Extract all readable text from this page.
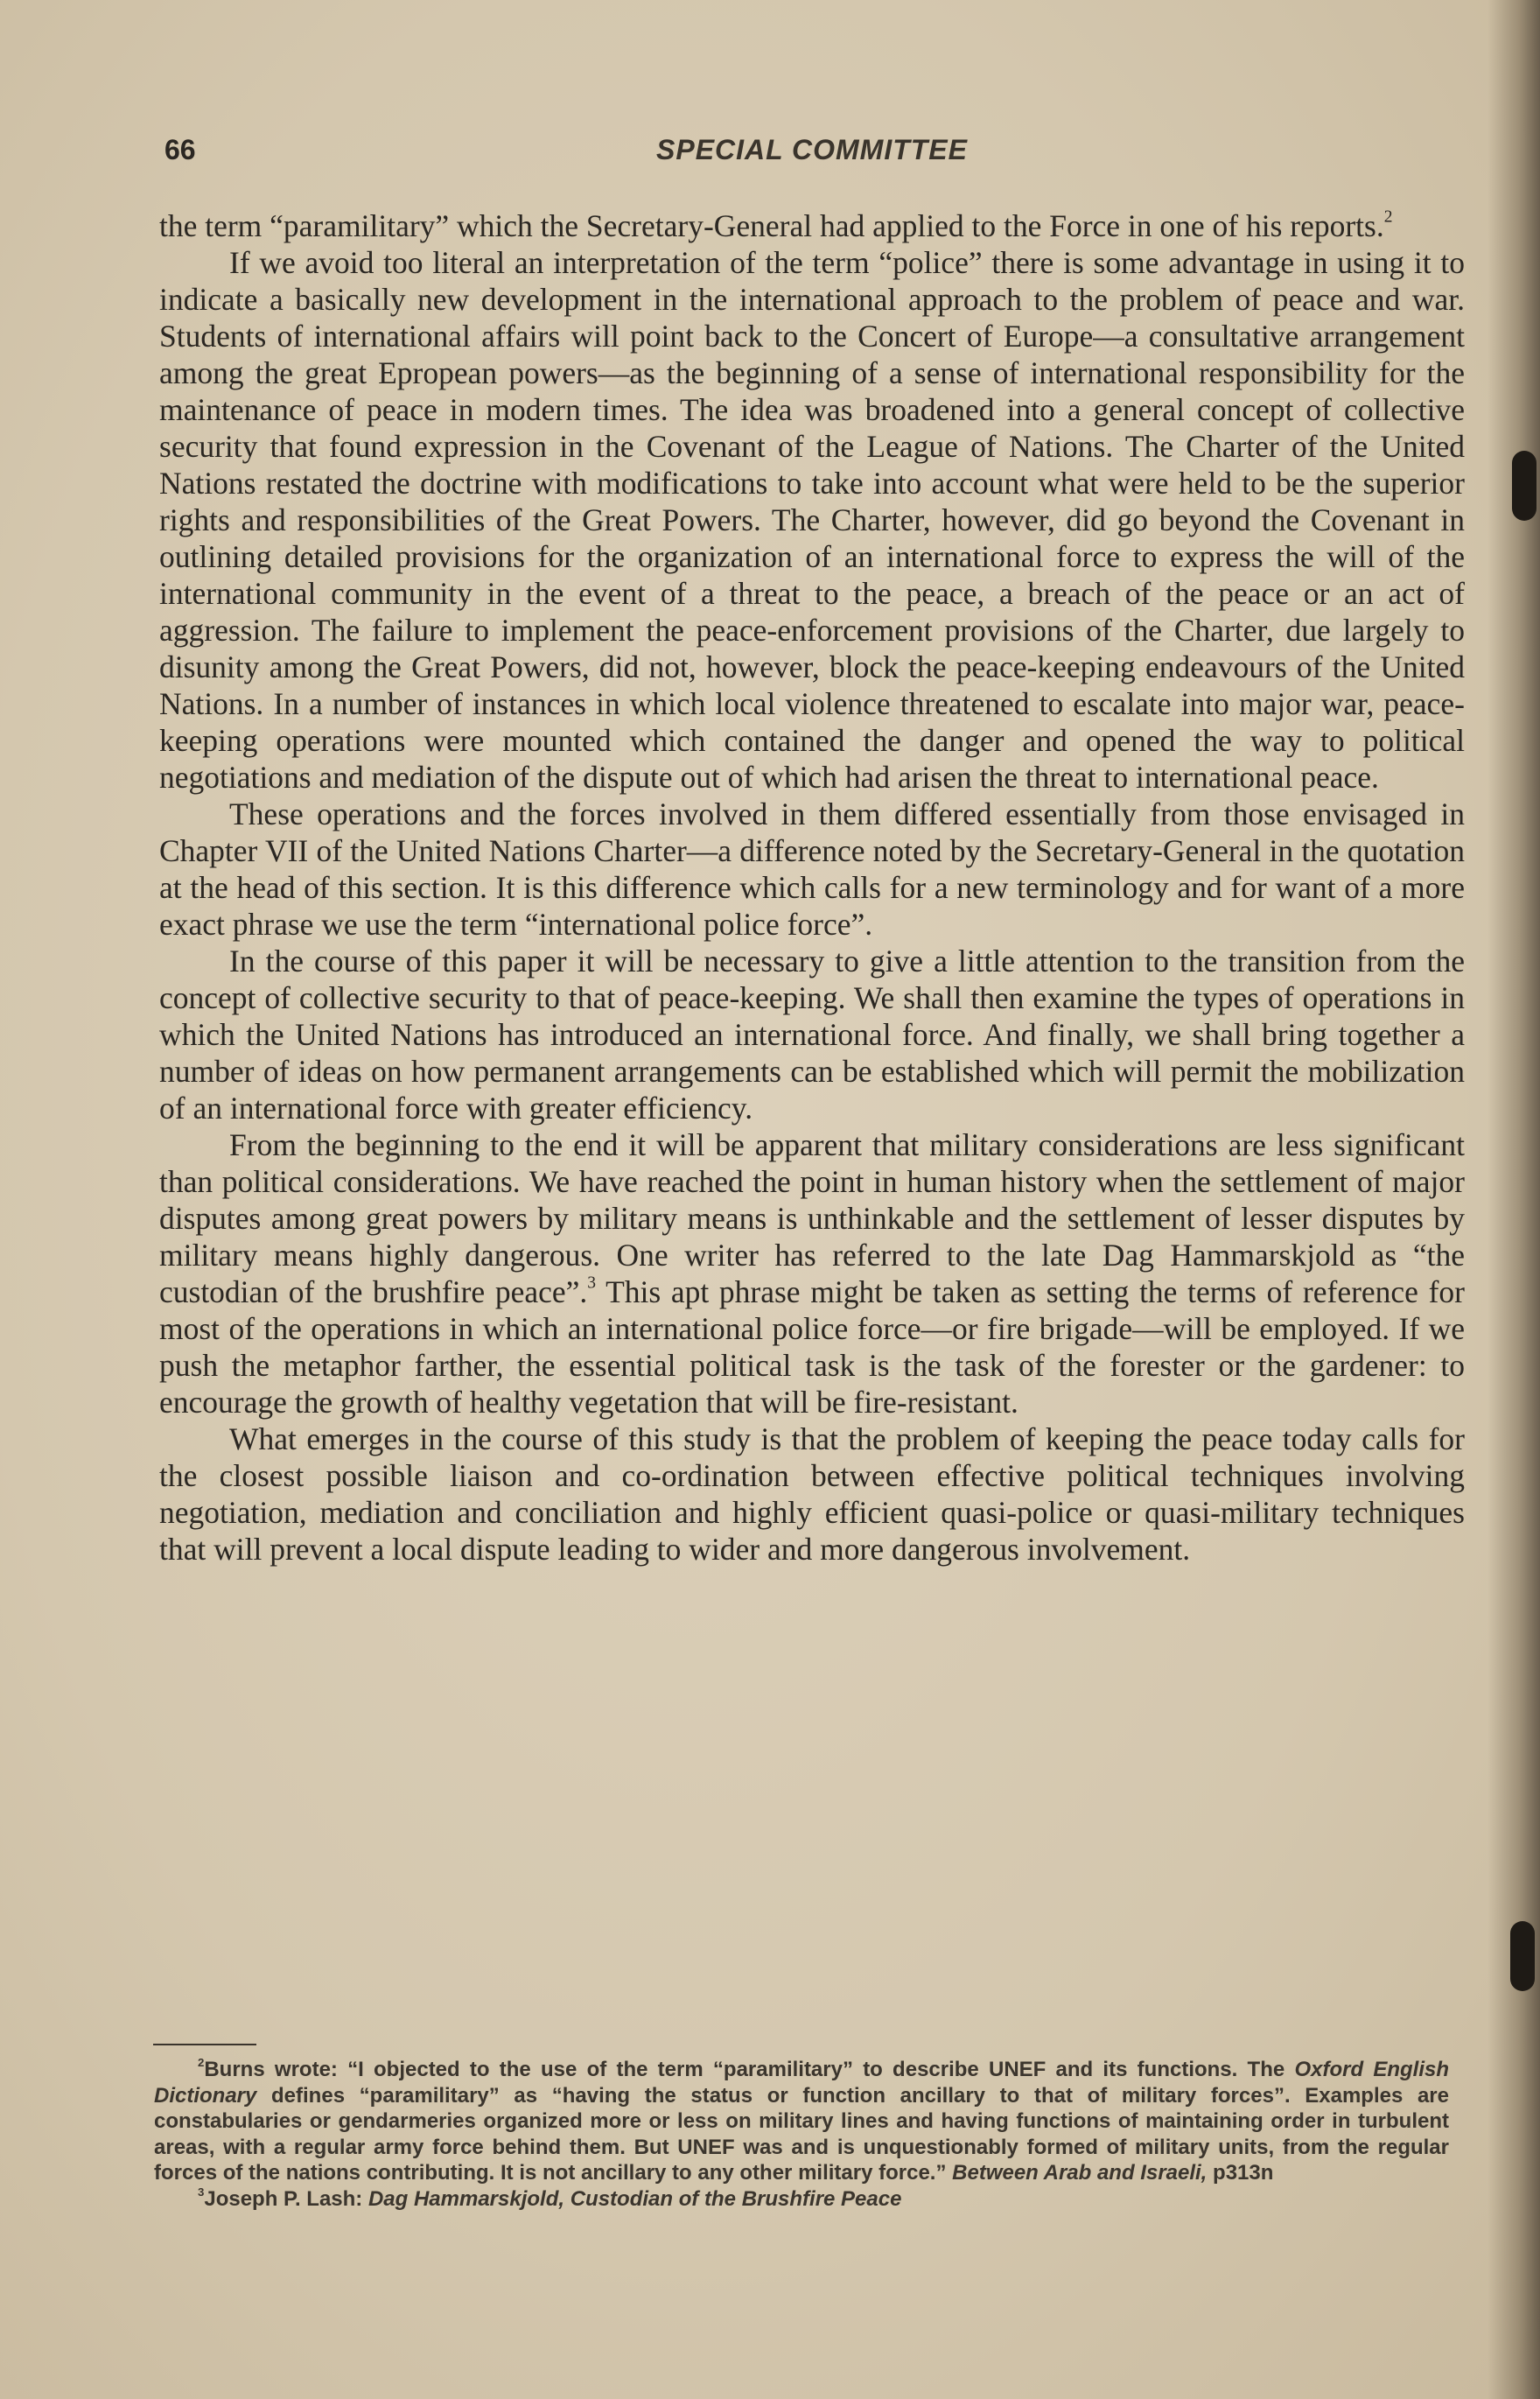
66	SPECIAL COMMITTEE

the term “paramilitary” which the Secretary-General had applied to the Force in one of his reports.$^2$

If we avoid too literal an interpretation of the term “police” there is some advantage in using it to indicate a basically new development in the international approach to the problem of peace and war. Students of international affairs will point back to the Concert of Europe—a consultative arrangement among the great Epropean powers—as the beginning of a sense of international responsibility for the maintenance of peace in modern times. The idea was broadened into a general concept of collective security that found expression in the Covenant of the League of Nations. The Charter of the United Nations restated the doctrine with modifications to take into account what were held to be the superior rights and responsibilities of the Great Powers. The Charter, however, did go beyond the Covenant in outlining detailed provisions for the organization of an international force to express the will of the international community in the event of a threat to the peace, a breach of the peace or an act of aggression. The failure to implement the peace-enforcement provisions of the Charter, due largely to disunity among the Great Powers, did not, however, block the peace-keeping endeavours of the United Nations. In a number of instances in which local violence threatened to escalate into major war, peace-keeping operations were mounted which contained the danger and opened the way to political negotiations and mediation of the dispute out of which had arisen the threat to international peace.

These operations and the forces involved in them differed essentially from those envisaged in Chapter VII of the United Nations Charter—a difference noted by the Secretary-General in the quotation at the head of this section. It is this difference which calls for a new terminology and for want of a more exact phrase we use the term “international police force”.

In the course of this paper it will be necessary to give a little attention to the transition from the concept of collective security to that of peace-keeping. We shall then examine the types of operations in which the United Nations has introduced an international force. And finally, we shall bring together a number of ideas on how permanent arrangements can be established which will permit the mobilization of an international force with greater efficiency.

From the beginning to the end it will be apparent that military considerations are less significant than political considerations. We have reached the point in human history when the settlement of major disputes among great powers by military means is unthinkable and the settlement of lesser disputes by military means highly dangerous. One writer has referred to the late Dag Hammarskjold as “the custodian of the brushfire peace”.$^3$ This apt phrase might be taken as setting the terms of reference for most of the operations in which an international police force—or fire brigade—will be employed. If we push the metaphor farther, the essential political task is the task of the forester or the gardener: to encourage the growth of healthy vegetation that will be fire-resistant.

What emerges in the course of this study is that the problem of keeping the peace today calls for the closest possible liaison and co-ordination between effective political techniques involving negotiation, mediation and conciliation and highly efficient quasi-police or quasi-military techniques that will prevent a local dispute leading to wider and more dangerous involvement.

$^2$Burns wrote: “I objected to the use of the term “paramilitary” to describe UNEF and its functions. The Oxford English Dictionary defines “paramilitary” as “having the status or function ancillary to that of military forces”. Examples are constabularies or gendarmeries organized more or less on military lines and having functions of maintaining order in turbulent areas, with a regular army force behind them. But UNEF was and is unquestionably formed of military units, from the regular forces of the nations contributing. It is not ancillary to any other military force.” Between Arab and Israeli, p313n

$^3$Joseph P. Lash: Dag Hammarskjold, Custodian of the Brushfire Peace
